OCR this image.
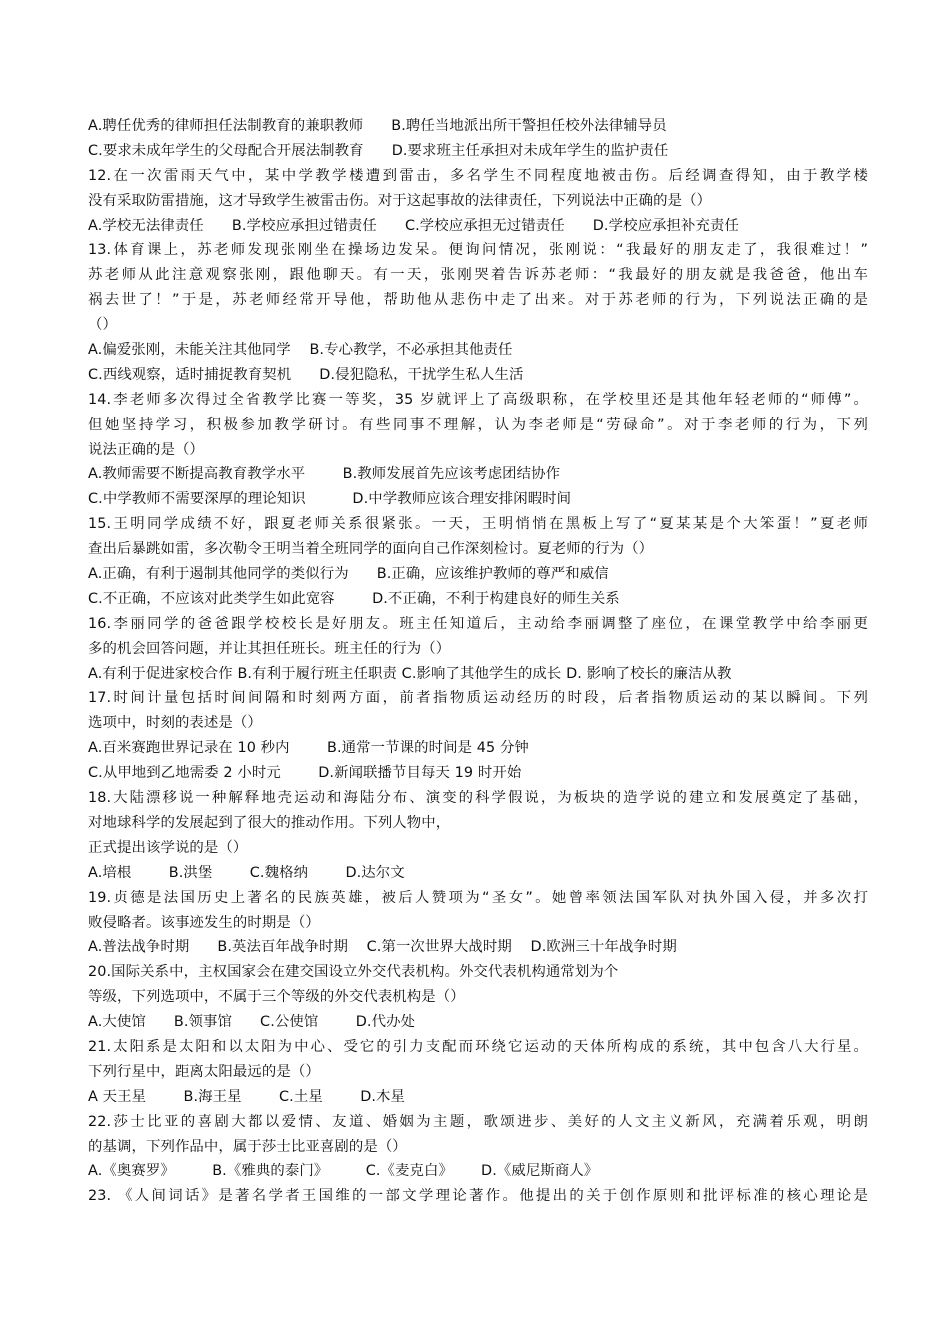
A.聘任优秀的律师担任法制教育的兼职教师      B.聘任当地派出所干警担任校外法律辅导员
C.要求未成年学生的父母配合开展法制教育      D.要求班主任承担对未成年学生的监护责任
12.在一次雷雨天气中，某中学教学楼遭到雷击，多名学生不同程度地被击伤。后经调查得知，由于教学楼
没有采取防雷措施，这才导致学生被雷击伤。对于这起事故的法律责任，下列说法中正确的是（）
A.学校无法律责任      B.学校应承担过错责任      C.学校应承担无过错责任      D.学校应承担补充责任
13.体育课上，苏老师发现张刚坐在操场边发呆。便询问情况，张刚说：“我最好的朋友走了，我很难过！”
苏老师从此注意观察张刚，跟他聊天。有一天，张刚哭着告诉苏老师：“我最好的朋友就是我爸爸，他出车
祸去世了！”于是，苏老师经常开导他，帮助他从悲伤中走了出来。对于苏老师的行为，下列说法正确的是
（）
A.偏爱张刚，未能关注其他同学    B.专心教学，不必承担其他责任
C.西线观察，适时捕捉教育契机      D.侵犯隐私，干扰学生私人生活
14.李老师多次得过全省教学比赛一等奖，35 岁就评上了高级职称，在学校里还是其他年轻老师的“师傅”。
但她坚持学习，积极参加教学研讨。有些同事不理解，认为李老师是“劳碌命”。对于李老师的行为，下列
说法正确的是（）
A.教师需要不断提高教育教学水平        B.教师发展首先应该考虑团结协作
C.中学教师不需要深厚的理论知识          D.中学教师应该合理安排闲暇时间
15.王明同学成绩不好，跟夏老师关系很紧张。一天，王明悄悄在黑板上写了“夏某某是个大笨蛋！”夏老师
查出后暴跳如雷，多次勒令王明当着全班同学的面向自己作深刻检讨。夏老师的行为（）
A.正确，有利于遏制其他同学的类似行为      B.正确，应该维护教师的尊严和威信
C.不正确，不应该对此类学生如此宽容        D.不正确，不利于构建良好的师生关系
16.李丽同学的爸爸跟学校校长是好朋友。班主任知道后，主动给李丽调整了座位，在课堂教学中给李丽更
多的机会回答问题，并让其担任班长。班主任的行为（）
A.有利于促进家校合作 B.有利于履行班主任职责 C.影响了其他学生的成长 D. 影响了校长的廉洁从教
17.时间计量包括时间间隔和时刻两方面，前者指物质运动经历的时段，后者指物质运动的某以瞬间。下列
选项中，时刻的表述是（）
A.百米赛跑世界记录在 10 秒内        B.通常一节课的时间是 45 分钟
C.从甲地到乙地需委 2 小时元        D.新闻联播节目每天 19 时开始
18.大陆漂移说一种解释地壳运动和海陆分布、演变的科学假说，为板块的造学说的建立和发展奠定了基础，
对地球科学的发展起到了很大的推动作用。下列人物中，
正式提出该学说的是（）
A.培根        B.洪堡        C.魏格纳        D.达尔文
19.贞德是法国历史上著名的民族英雄，被后人赞项为“圣女”。她曾率领法国军队对执外国入侵，并多次打
败侵略者。该事迹发生的时期是（）
A.普法战争时期      B.英法百年战争时期    C.第一次世界大战时期    D.欧洲三十年战争时期
20.国际关系中，主权国家会在建交国设立外交代表机构。外交代表机构通常划为个
等级，下列选项中，不属于三个等级的外交代表机构是（）
A.大使馆      B.领事馆      C.公使馆        D.代办处
21.太阳系是太阳和以太阳为中心、受它的引力支配而环绕它运动的天体所构成的系统，其中包含八大行星。
下列行星中，距离太阳最远的是（）
A 天王星        B.海王星        C.土星        D.木星
22.莎士比亚的喜剧大都以爱情、友道、婚姻为主题，歌颂进步、美好的人文主义新风，充满着乐观，明朗
的基调，下列作品中，属于莎士比亚喜剧的是（）
A.《奥赛罗》        B.《雅典的泰门》        C.《麦克白》      D.《威尼斯商人》
23. 《人间词话》是著名学者王国维的一部文学理论著作。他提出的关于创作原则和批评标准的核心理论是
